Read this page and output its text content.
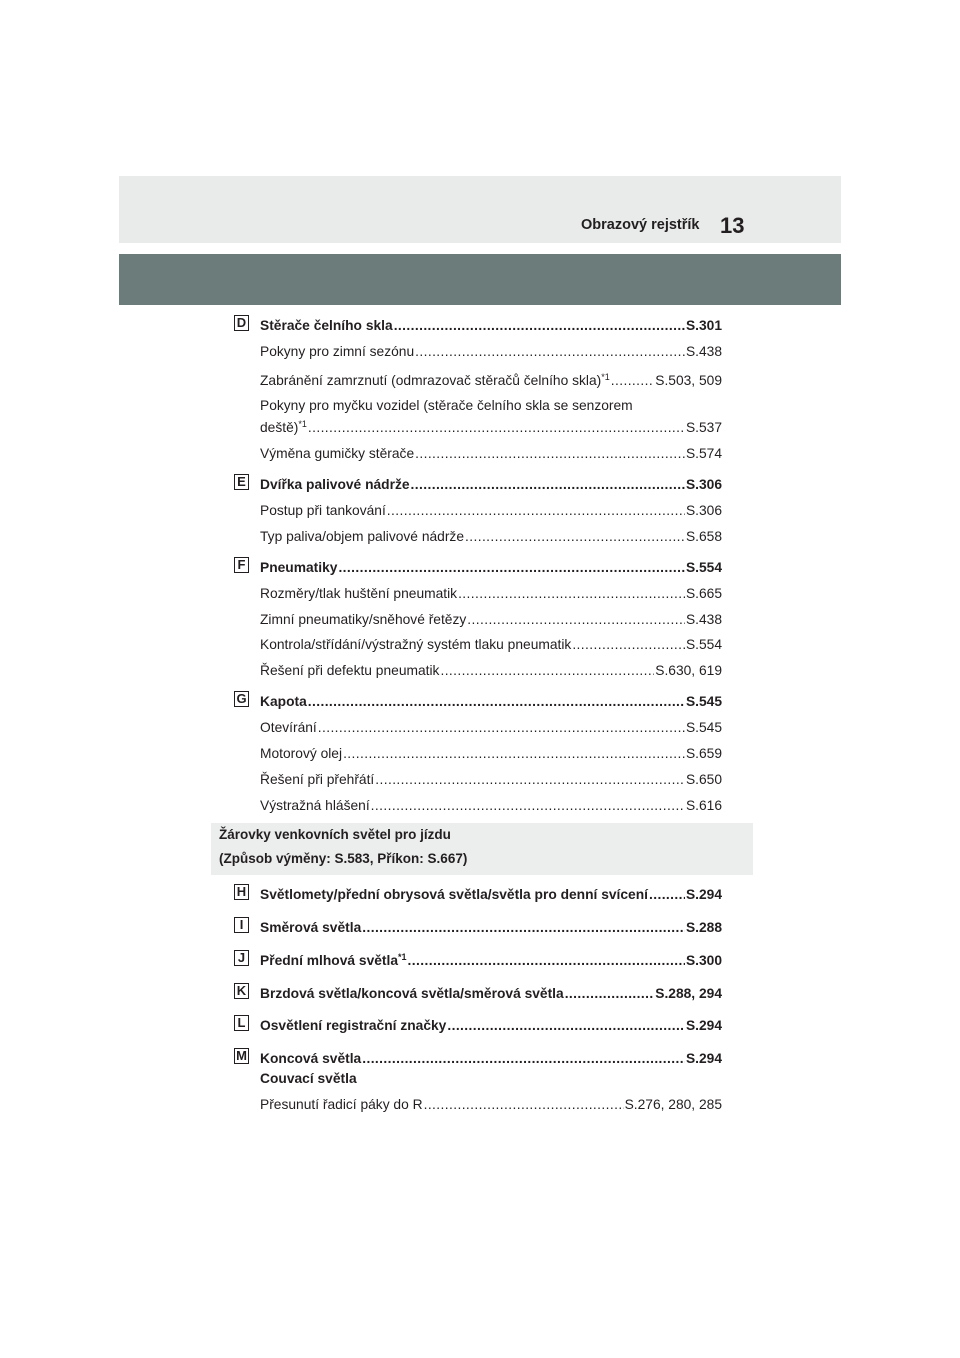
Obrazový rejstřík 13
D Stěrače čelního skla .....	S.301
Pokyny pro zimní sezónu .....	S.438
Zabránění zamrznutí (odmrazovač stěračů čelního skla)$^{*1}$ .....	S.503, 509
Pokyny pro myčku vozidel (stěrače čelního skla se senzorem
deště)$^{*1}$ .....	S.537
Výměna gumičky stěrače .....	S.574
E Dvířka palivové nádrže .....	S.306
Postup při tankování .....	S.306
Typ paliva/objem palivové nádrže .....	S.658
F Pneumatiky .....	S.554
Rozměry/tlak huštění pneumatik .....	S.665
Zimní pneumatiky/sněhové řetězy .....	S.438
Kontrola/střídání/výstražný systém tlaku pneumatik .....	S.554
Řešení při defektu pneumatik .....	S.630, 619
G Kapota .....	S.545
Otevírání .....	S.545
Motorový olej .....	S.659
Řešení při přehřátí .....	S.650
Výstražná hlášení .....	S.616
Žárovky venkovních světel pro jízdu
(Způsob výměny: S.583, Příkon: S.667)
H Světlomety/přední obrysová světla/světla pro denní svícení .....	S.294
I	Směrová světla .....	S.288
J Přední mlhová světla$^{*1}$ .....	S.300
K Brzdová světla/koncová světla/směrová světla .....	S.288, 294
L Osvětlení registrační značky .....	S.294
M Koncová světla .....	S.294
Couvací světla
Přesunutí řadicí páky do R .....	S.276, 280, 285
